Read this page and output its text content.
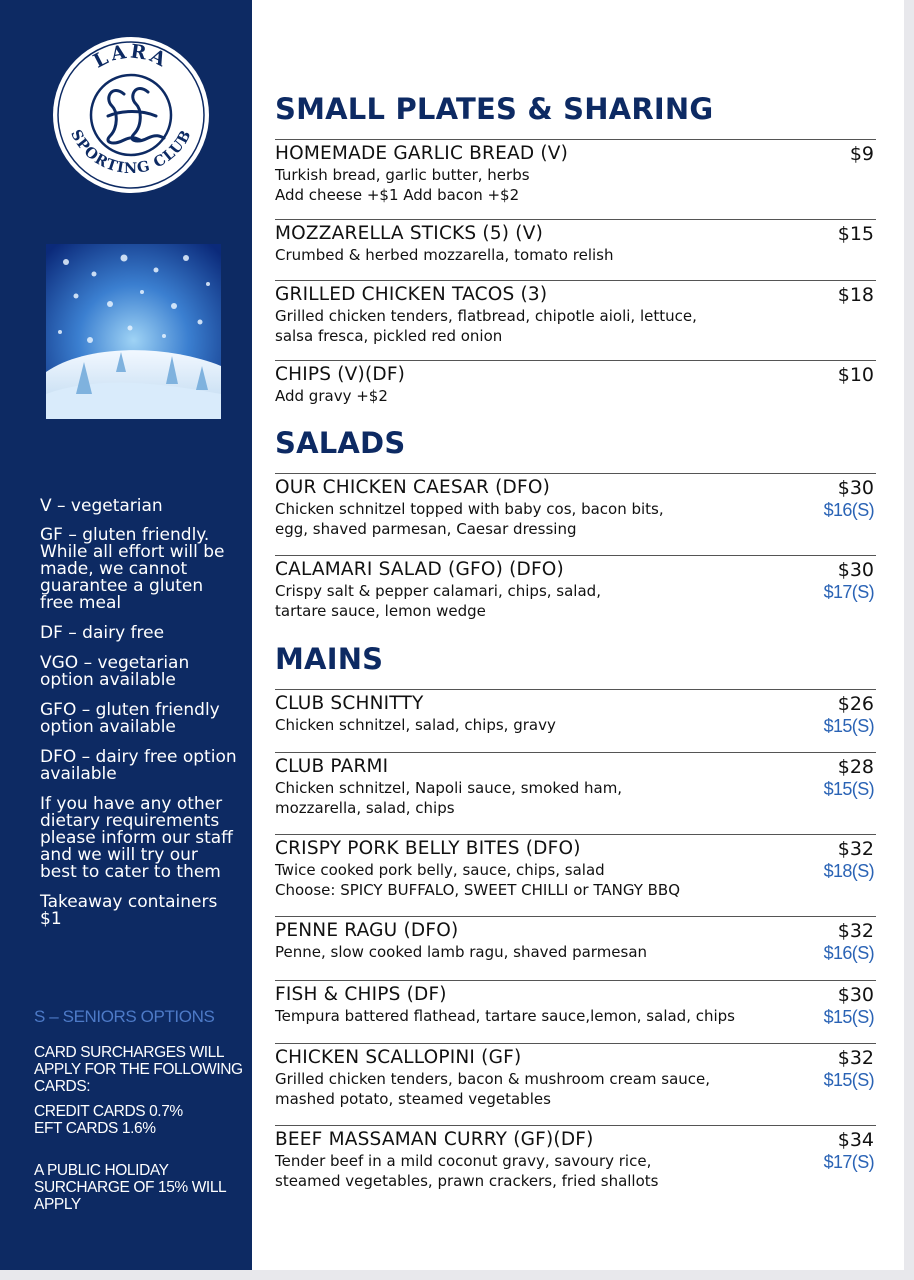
LARA
SPORTING CLUB

V – vegetarian

GF – gluten friendly. While all effort will be made, we cannot guarantee a gluten free meal

DF – dairy free

VGO – vegetarian option available

GFO – gluten friendly option available

DFO – dairy free option available

If you have any other dietary requirements please inform our staff and we will try our best to cater to them

Takeaway containers $1

S – SENIORS OPTIONS
CARD SURCHARGES WILL APPLY FOR THE FOLLOWING CARDS:
CREDIT CARDS 0.7%
EFT CARDS 1.6%
A PUBLIC HOLIDAY SURCHARGE OF 15% WILL APPLY
SMALL PLATES & SHARING
HOMEMADE GARLIC BREAD (V)
Turkish bread, garlic butter, herbs
Add cheese +$1 Add bacon +$2
$9
MOZZARELLA STICKS (5) (V)
Crumbed & herbed mozzarella, tomato relish
$15
GRILLED CHICKEN TACOS (3)
Grilled chicken tenders, flatbread, chipotle aioli, lettuce,
salsa fresca, pickled red onion
$18
CHIPS (V)(DF)
Add gravy +$2
$10
SALADS
OUR CHICKEN CAESAR (DFO)
Chicken schnitzel topped with baby cos, bacon bits,
egg, shaved parmesan, Caesar dressing
$30
$16(S)
CALAMARI SALAD (GFO) (DFO)
Crispy salt & pepper calamari, chips, salad,
tartare sauce, lemon wedge
$30
$17(S)
MAINS
CLUB SCHNITTY
Chicken schnitzel, salad, chips, gravy
$26
$15(S)
CLUB PARMI
Chicken schnitzel, Napoli sauce, smoked ham,
mozzarella, salad, chips
$28
$15(S)
CRISPY PORK BELLY BITES (DFO)
Twice cooked pork belly, sauce, chips, salad
Choose: SPICY BUFFALO, SWEET CHILLI or TANGY BBQ
$32
$18(S)
PENNE RAGU (DFO)
Penne, slow cooked lamb ragu, shaved parmesan
$32
$16(S)
FISH & CHIPS (DF)
Tempura battered flathead, tartare sauce,lemon, salad, chips
$30
$15(S)
CHICKEN SCALLOPINI (GF)
Grilled chicken tenders, bacon & mushroom cream sauce,
mashed potato, steamed vegetables
$32
$15(S)
BEEF MASSAMAN CURRY (GF)(DF)
Tender beef in a mild coconut gravy, savoury rice,
steamed vegetables, prawn crackers, fried shallots
$34
$17(S)
